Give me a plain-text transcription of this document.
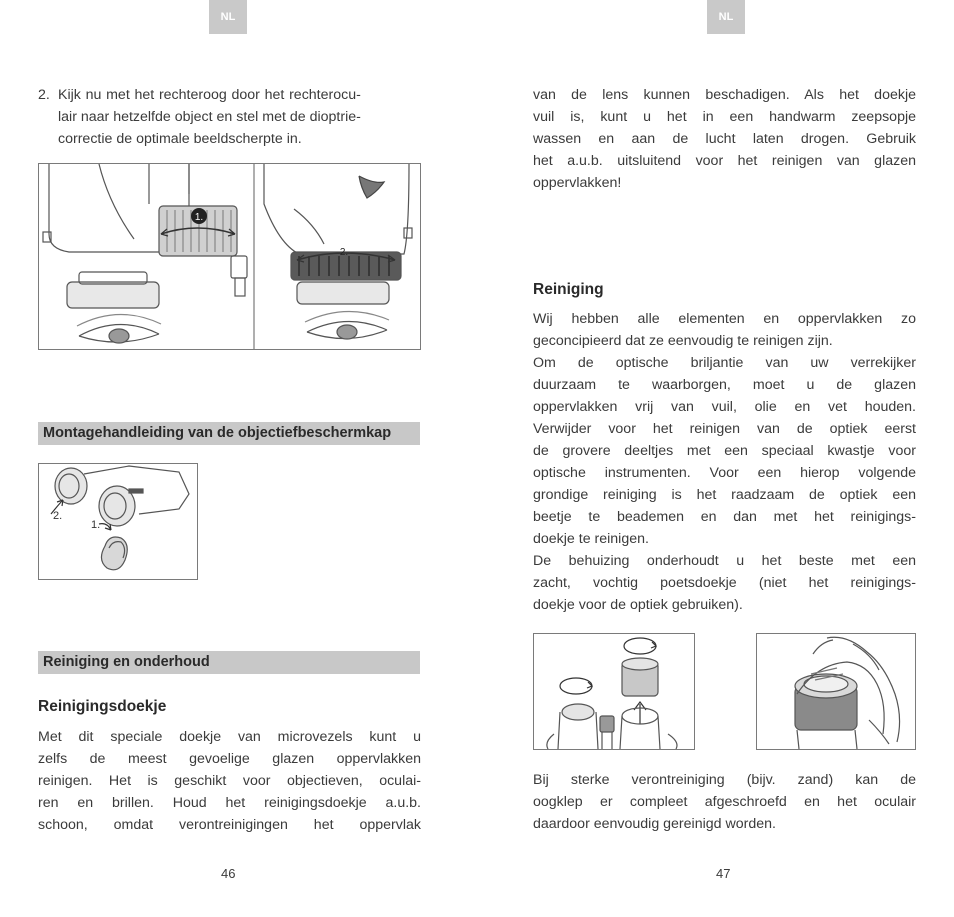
NL	NL
2. Kijk nu met het rechteroog door het rechterocu-
lair naar hetzelfde object en stel met de dioptrie-
correctie de optimale beeldscherpte in.
1.
2.
Montagehandleiding van de objectiefbeschermkap
2.
1.
Reiniging en onderhoud
Reinigingsdoekje
Met dit speciale doekje van microvezels kunt u
zelfs de meest gevoelige glazen oppervlakken
reinigen. Het is geschikt voor objectieven, oculai-
ren en brillen. Houd het reinigingsdoekje a.u.b.
schoon, omdat verontreinigingen het oppervlak
46
van de lens kunnen beschadigen. Als het doekje
vuil is, kunt u het in een handwarm zeepsopje
wassen en aan de lucht laten drogen. Gebruik
het a.u.b. uitsluitend voor het reinigen van glazen
oppervlakken!
Reiniging
Wij hebben alle elementen en oppervlakken zo
geconcipieerd dat ze eenvoudig te reinigen zijn.
Om de optische briljantie van uw verrekijker
duurzaam te waarborgen, moet u de glazen
oppervlakken vrij van vuil, olie en vet houden.
Verwijder voor het reinigen van de optiek eerst
de grovere deeltjes met een speciaal kwastje voor
optische instrumenten. Voor een hierop volgende
grondige reiniging is het raadzaam de optiek een
beetje te beademen en dan met het reinigings-
doekje te reinigen.
De behuizing onderhoudt u het beste met een
zacht, vochtig poetsdoekje (niet het reinigings-
doekje voor de optiek gebruiken).
Bij sterke verontreiniging (bijv. zand) kan de
oogklep er compleet afgeschroefd en het oculair
daardoor eenvoudig gereinigd worden.
47
